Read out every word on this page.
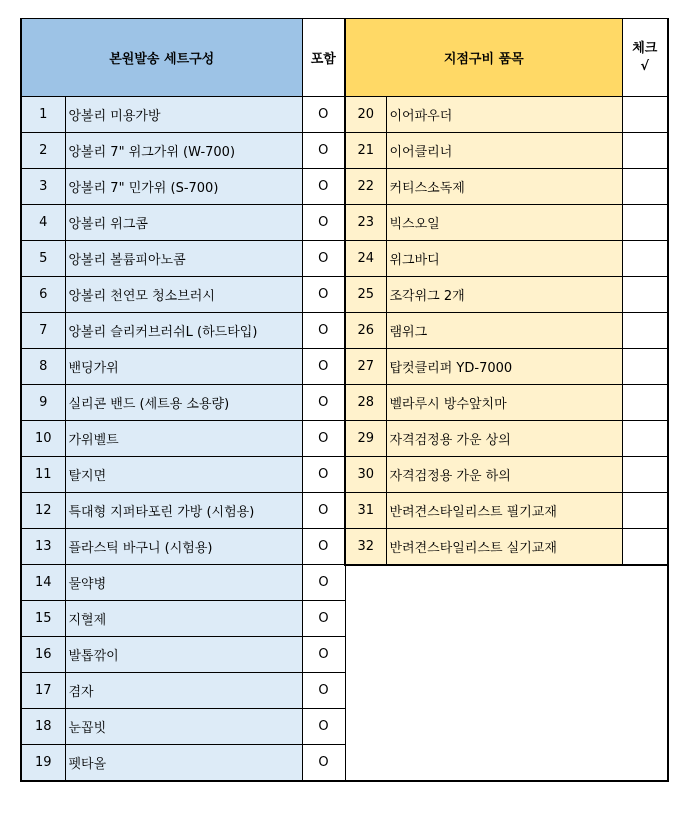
본원발송 세트구성		포함	지점구비 품목		체크
√

1	앙볼리 미용가방	O	20	이어파우더	
2	앙볼리 7" 위그가위 (W-700)	O	21	이어클리너	
3	앙볼리 7" 민가위 (S-700)	O	22	커티스소독제	
4	앙볼리 위그콤	O	23	빅스오일	
5	앙볼리 볼륨피아노콤	O	24	위그바디	
6	앙볼리 천연모 청소브러시	O	25	조각위그 2개	
7	앙볼리 슬리커브러쉬L (하드타입)	O	26	램위그	
8	밴딩가위	O	27	탑컷클리퍼 YD-7000	
9	실리콘 밴드 (세트용 소용량)	O	28	벨라루시 방수앞치마	
10	가위벨트	O	29	자격검정용 가운 상의	
11	탈지면	O	30	자격검정용 가운 하의	
12	특대형 지퍼타포린 가방 (시험용)	O	31	반려견스타일리스트 필기교재	
13	플라스틱 바구니 (시험용)	O	32	반려견스타일리스트 실기교재	
14	물약병	O			
15	지혈제	O			
16	발톱깎이	O			
17	겸자	O			
18	눈꼽빗	O			
19	펫타올	O			
